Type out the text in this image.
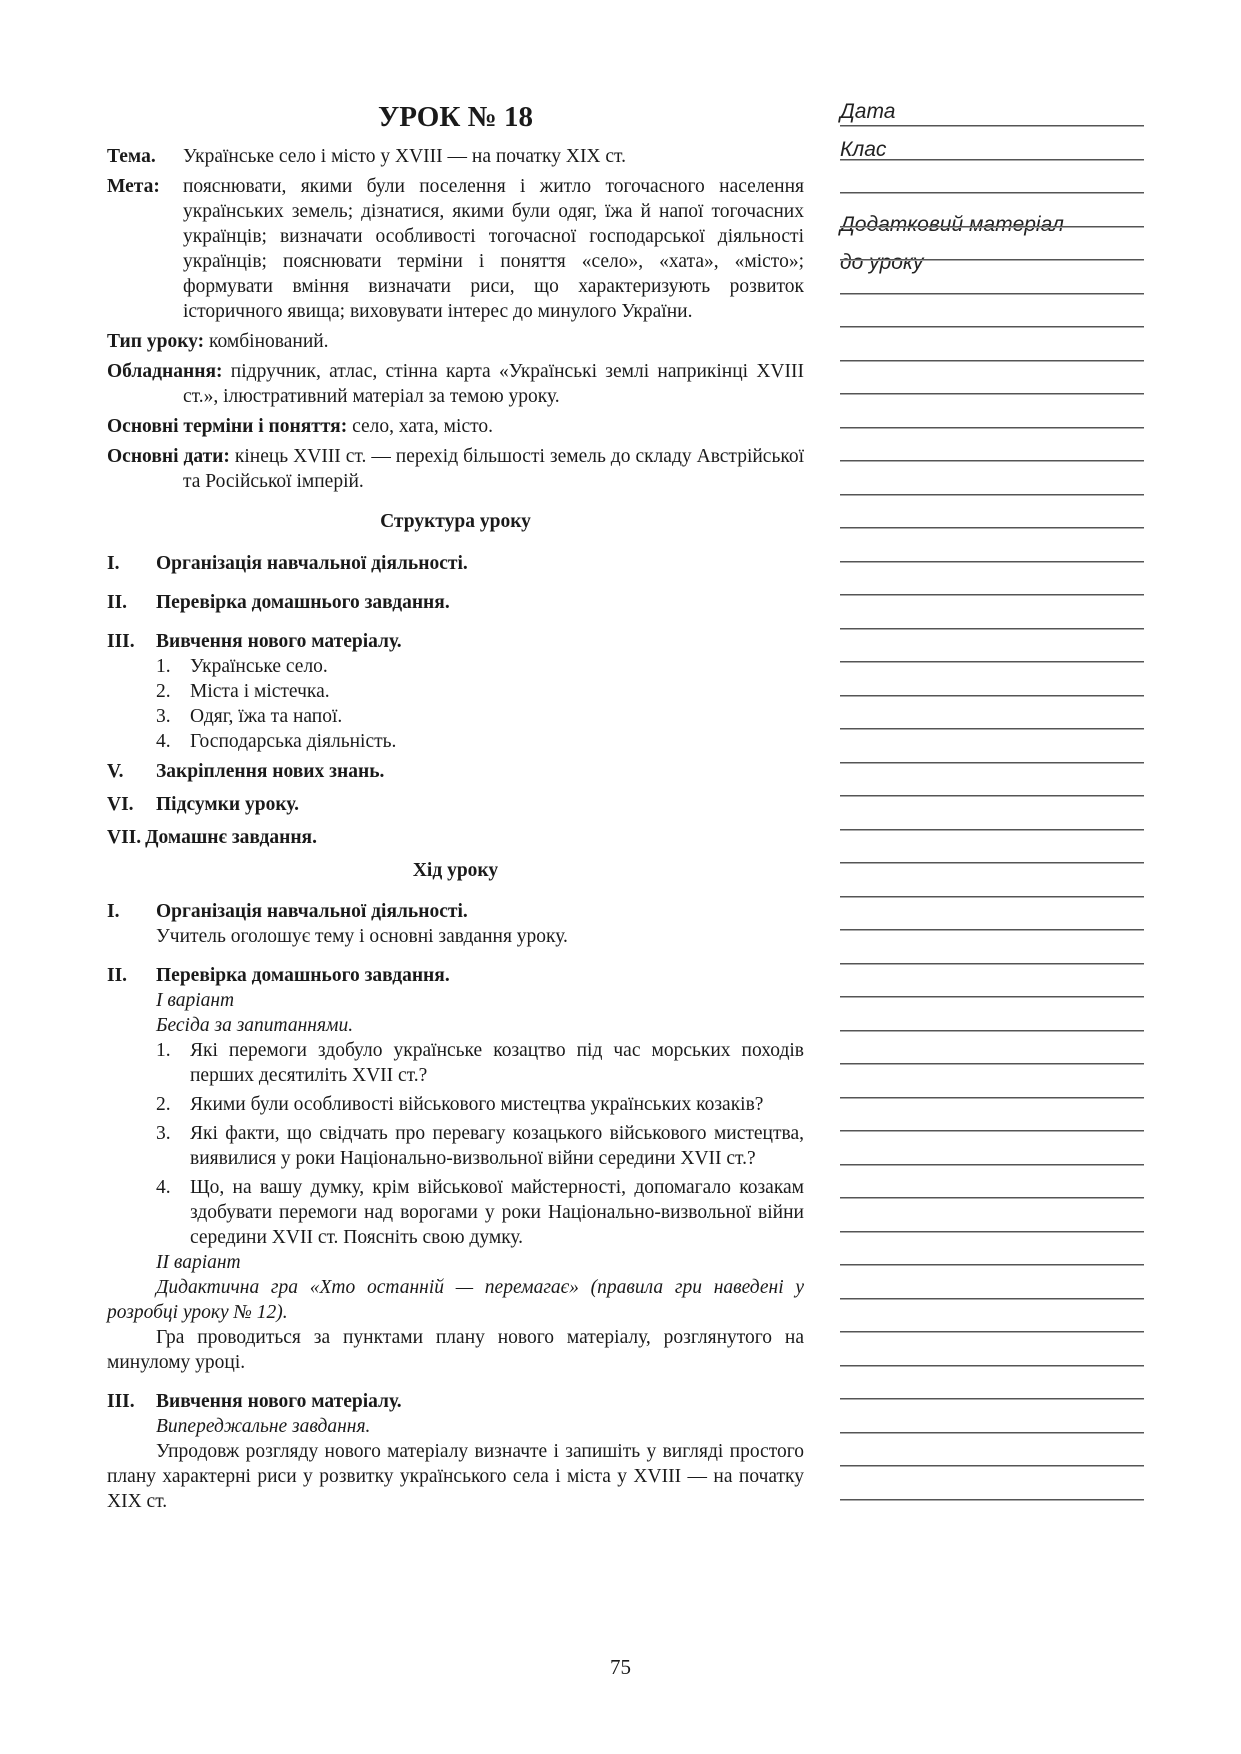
УРОК № 18
Тема.	Українське село і місто у XVIII — на початку XIX ст.
Мета:	пояснювати, якими були поселення і житло тогочасного населення українських земель; дізнатися, якими були одяг, їжа й напої тогочасних українців; визначати особливості тогочасної господарської діяльності українців; пояснювати терміни і поняття «село», «хата», «місто»; формувати вміння визначати риси, що характеризують розвиток історичного явища; виховувати інтерес до минулого України.
Тип уроку: комбінований.
Обладнання: підручник, атлас, стінна карта «Українські землі наприкінці XVIII ст.», ілюстративний матеріал за темою уроку.
Основні терміни і поняття: село, хата, місто.
Основні дати: кінець XVIII ст. — перехід більшості земель до складу Австрійської та Російської імперій.
Структура уроку
I.	Організація навчальної діяльності.
II.	Перевірка домашнього завдання.
III.	Вивчення нового матеріалу.
1. Українське село.
2. Міста і містечка.
3. Одяг, їжа та напої.
4. Господарська діяльність.
V.	Закріплення нових знань.
VI.	Підсумки уроку.
VII. Домашнє завдання.
Хід уроку
I.	Організація навчальної діяльності.
Учитель оголошує тему і основні завдання уроку.
II.	Перевірка домашнього завдання.
І варіант
Бесіда за запитаннями.
1. Які перемоги здобуло українське козацтво під час морських походів перших десятиліть XVII ст.?
2. Якими були особливості військового мистецтва українських козаків?
3. Які факти, що свідчать про перевагу козацького військового мистецтва, виявилися у роки Національно-визвольної війни середини XVII ст.?
4. Що, на вашу думку, крім військової майстерності, допомагало козакам здобувати перемоги над ворогами у роки Національно-визвольної війни середини XVII ст. Поясніть свою думку.
ІІ варіант
Дидактична гра «Хто останній — перемагає» (правила гри наведені у розробці уроку № 12).
Гра проводиться за пунктами плану нового матеріалу, розглянутого на минулому уроці.
III.	Вивчення нового матеріалу.
Випереджальне завдання.
Упродовж розгляду нового матеріалу визначте і запишіть у вигляді простого плану характерні риси у розвитку українського села і міста у XVIII — на початку XIX ст.
Дата
Клас
Додатковий матеріал
до уроку
75
